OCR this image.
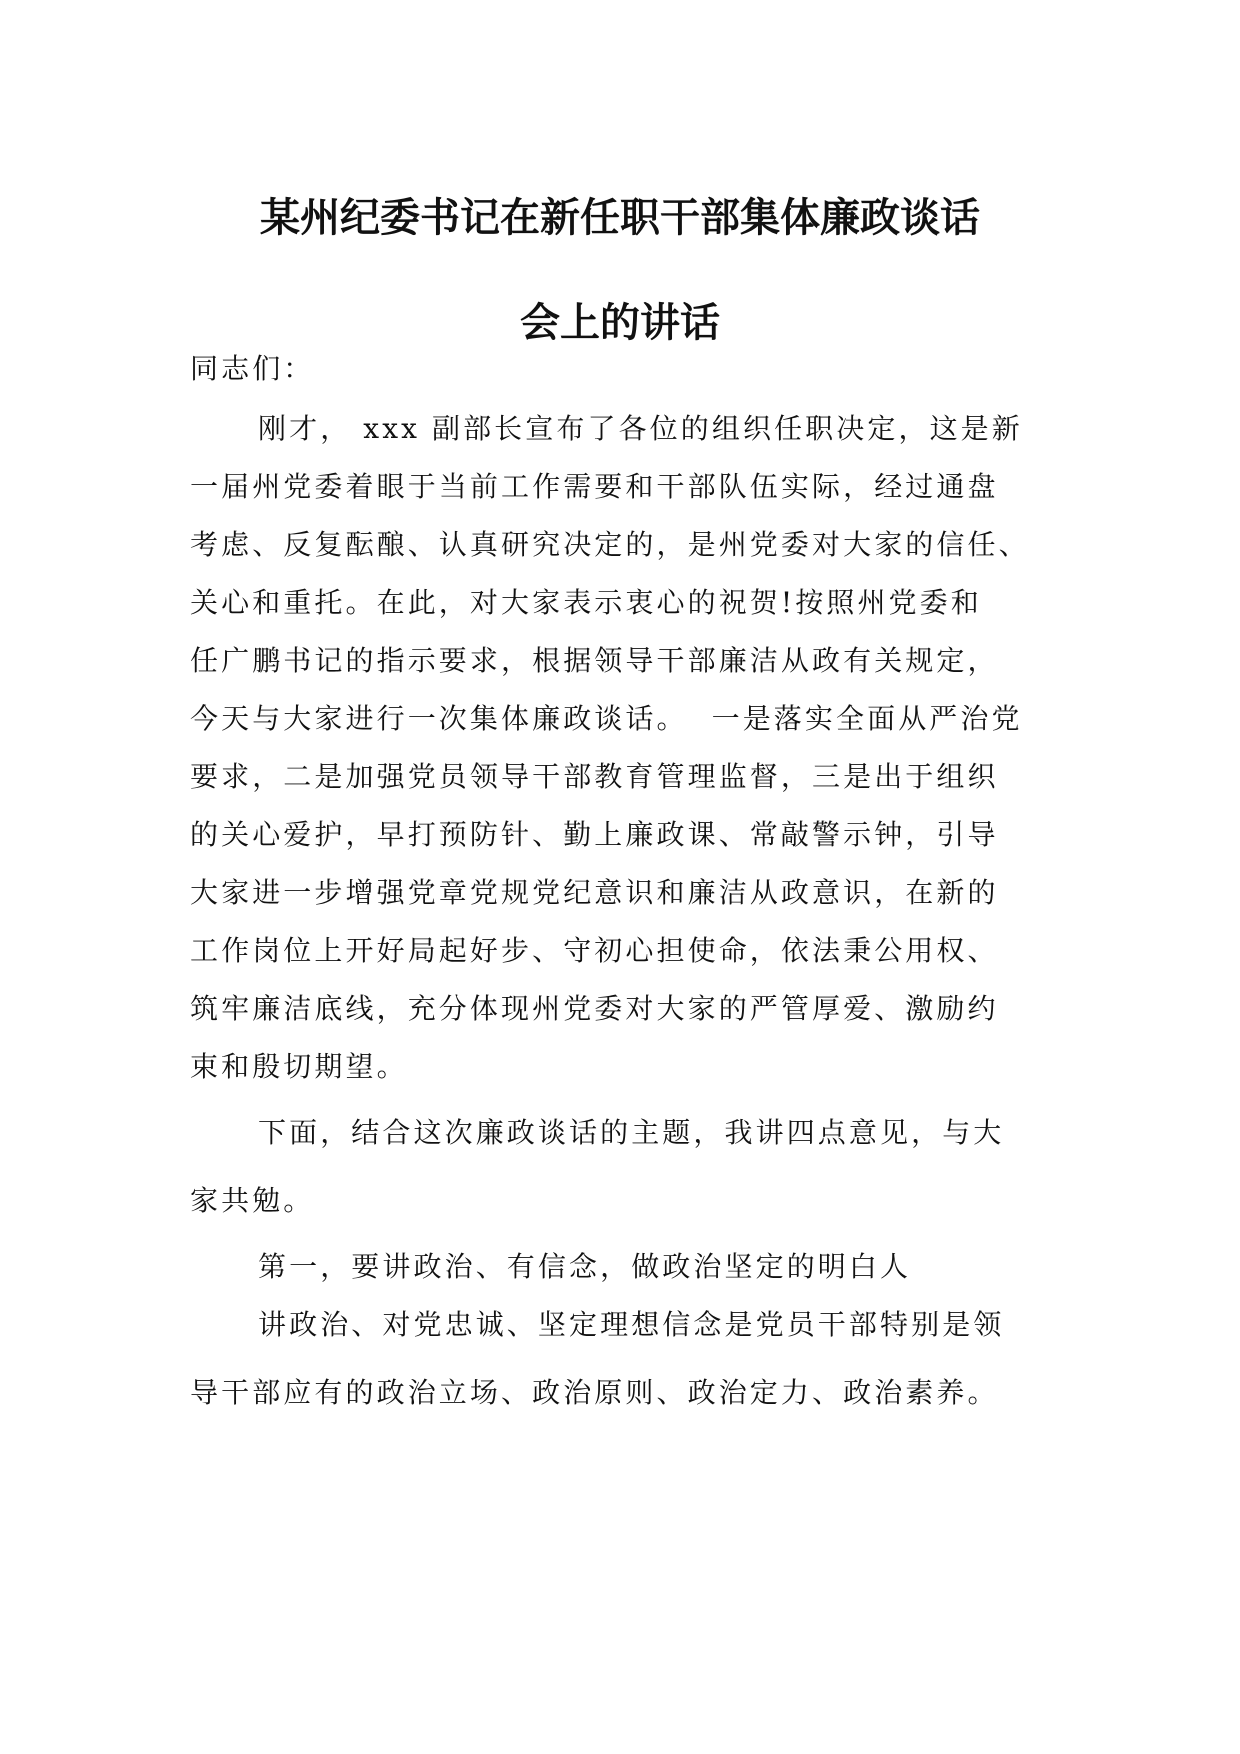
某州纪委书记在新任职干部集体廉政谈话
会上的讲话
同志们：
刚才， xxx 副部长宣布了各位的组织任职决定，这是新
一届州党委着眼于当前工作需要和干部队伍实际，经过通盘
考虑、反复酝酿、认真研究决定的，是州党委对大家的信任、
关心和重托。在此，对大家表示衷心的祝贺!按照州党委和
任广鹏书记的指示要求，根据领导干部廉洁从政有关规定，
今天与大家进行一次集体廉政谈话。  一是落实全面从严治党
要求，二是加强党员领导干部教育管理监督，三是出于组织
的关心爱护，早打预防针、勤上廉政课、常敲警示钟，引导
大家进一步增强党章党规党纪意识和廉洁从政意识，在新的
工作岗位上开好局起好步、守初心担使命，依法秉公用权、
筑牢廉洁底线，充分体现州党委对大家的严管厚爱、激励约
束和殷切期望。
下面，结合这次廉政谈话的主题，我讲四点意见，与大
家共勉。
第一，要讲政治、有信念，做政治坚定的明白人
讲政治、对党忠诚、坚定理想信念是党员干部特别是领
导干部应有的政治立场、政治原则、政治定力、政治素养。
